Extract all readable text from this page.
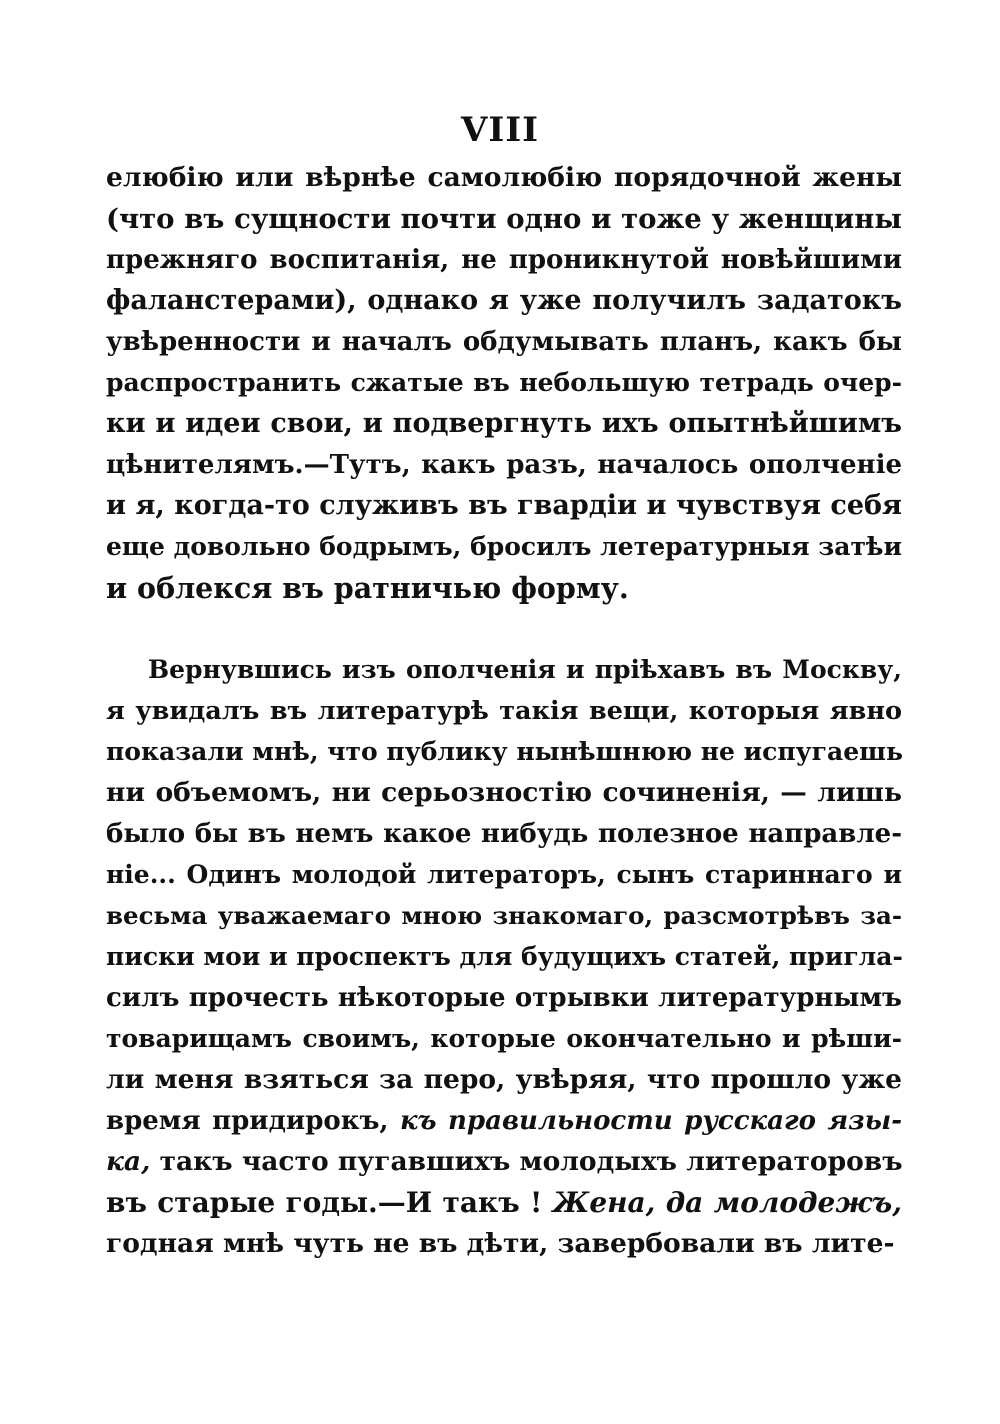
VIII
елюбію или вѣрнѣе самолюбію порядочной жены
(что въ сущности почти одно и тоже у женщины
прежняго воспитанія, не проникнутой новѣйшими
фаланстерами), однако я уже получилъ задатокъ
увѣренности и началъ обдумывать планъ, какъ бы
распространить сжатые въ небольшую тетрадь очер-
ки и идеи свои, и подвергнуть ихъ опытнѣйшимъ
цѣнителямъ.—Тутъ, какъ разъ, началось ополченіе
и я, когда-то служивъ въ гвардіи и чувствуя себя
еще довольно бодрымъ, бросилъ летературныя затѣи
и облекся въ ратничью форму.
Вернувшись изъ ополченія и пріѣхавъ въ Москву,
я увидалъ въ литературѣ такія вещи, которыя явно
показали мнѣ, что публику нынѣшнюю не испугаешь
ни объемомъ, ни серьозностію сочиненія, — лишь
было бы въ немъ какое нибудь полезное направле-
ніе... Одинъ молодой литераторъ, сынъ стариннаго и
весьма уважаемаго мною знакомаго, разсмотрѣвъ за-
писки мои и проспектъ для будущихъ статей, пригла-
силъ прочесть нѣкоторые отрывки литературнымъ
товарищамъ своимъ, которые окончательно и рѣши-
ли меня взяться за перо, увѣряя, что прошло уже
время придирокъ, къ правильности русскаго язы-
ка, такъ часто пугавшихъ молодыхъ литераторовъ
въ старые годы.—И такъ ! Жена, да молодежъ,
годная мнѣ чуть не въ дѣти, завербовали въ лите-
